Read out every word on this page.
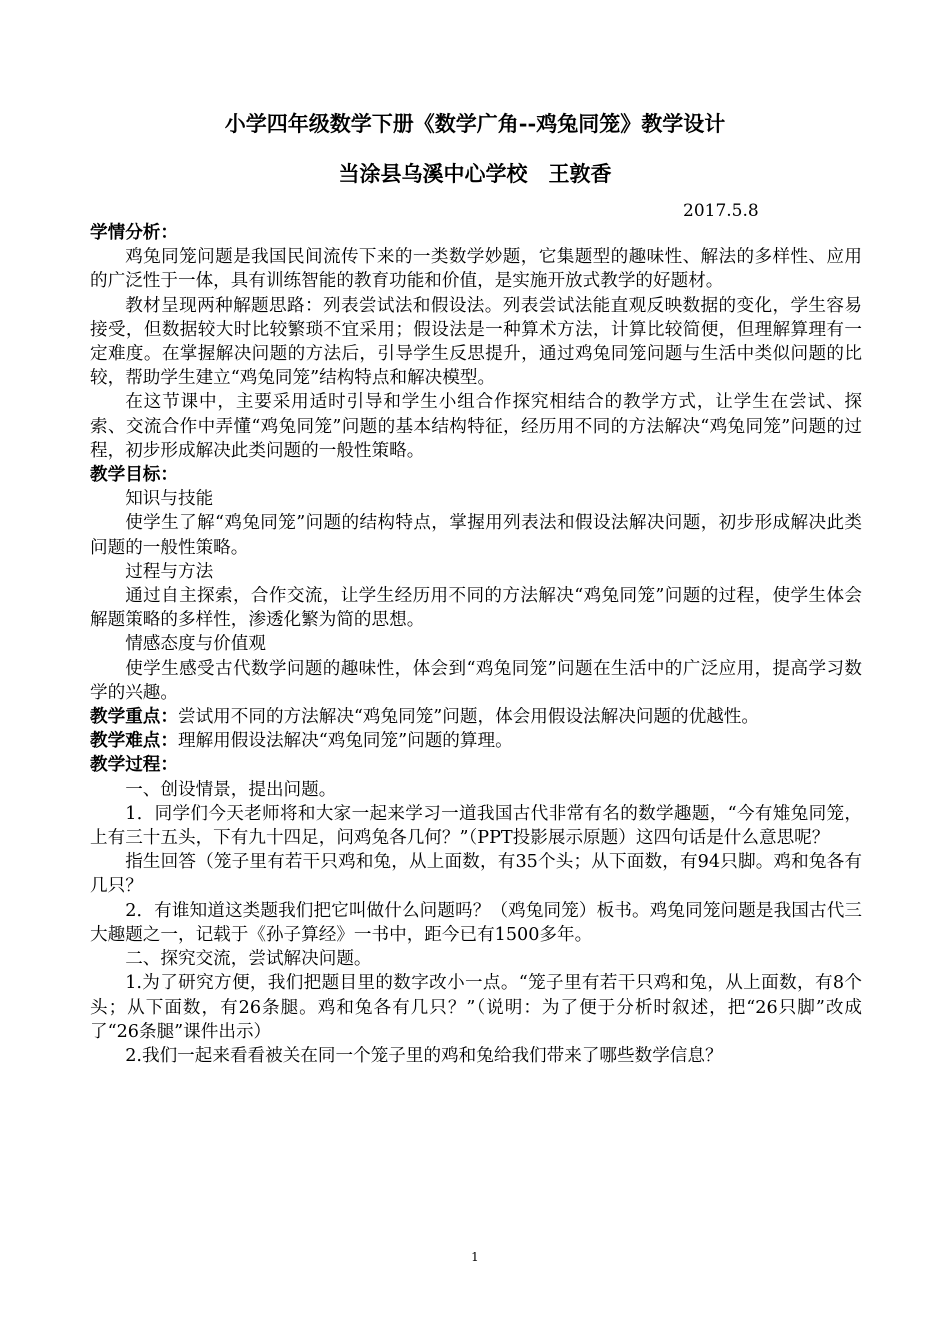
小学四年级数学下册《数学广角--鸡兔同笼》教学设计
当涂县乌溪中心学校　王敦香
2017.5.8
学情分析：

鸡兔同笼问题是我国民间流传下来的一类数学妙题，它集题型的趣味性、解法的多样性、应用的广泛性于一体，具有训练智能的教育功能和价值，是实施开放式教学的好题材。

教材呈现两种解题思路：列表尝试法和假设法。列表尝试法能直观反映数据的变化，学生容易接受，但数据较大时比较繁琐不宜采用；假设法是一种算术方法，计算比较简便，但理解算理有一定难度。在掌握解决问题的方法后，引导学生反思提升，通过鸡兔同笼问题与生活中类似问题的比较，帮助学生建立“鸡兔同笼”结构特点和解决模型。

在这节课中，主要采用适时引导和学生小组合作探究相结合的教学方式，让学生在尝试、探索、交流合作中弄懂“鸡兔同笼”问题的基本结构特征，经历用不同的方法解决“鸡兔同笼”问题的过程，初步形成解决此类问题的一般性策略。

教学目标：

知识与技能

使学生了解“鸡兔同笼”问题的结构特点，掌握用列表法和假设法解决问题，初步形成解决此类问题的一般性策略。

过程与方法

通过自主探索，合作交流，让学生经历用不同的方法解决“鸡兔同笼”问题的过程，使学生体会解题策略的多样性，渗透化繁为简的思想。

情感态度与价值观

使学生感受古代数学问题的趣味性，体会到“鸡兔同笼”问题在生活中的广泛应用，提高学习数学的兴趣。

教学重点：尝试用不同的方法解决“鸡兔同笼”问题，体会用假设法解决问题的优越性。
教学难点：理解用假设法解决“鸡兔同笼”问题的算理。
教学过程：

一、创设情景，提出问题。

1．同学们今天老师将和大家一起来学习一道我国古代非常有名的数学趣题，“今有雉兔同笼，上有三十五头，下有九十四足，问鸡兔各几何？”（PPT投影展示原题）这四句话是什么意思呢？

指生回答（笼子里有若干只鸡和兔，从上面数，有35个头；从下面数，有94只脚。鸡和兔各有几只？

2．有谁知道这类题我们把它叫做什么问题吗？（鸡兔同笼）板书。鸡兔同笼问题是我国古代三大趣题之一，记载于《孙子算经》一书中，距今已有1500多年。

二、探究交流，尝试解决问题。

1.为了研究方便，我们把题目里的数字改小一点。“笼子里有若干只鸡和兔，从上面数，有8个头；从下面数，有26条腿。鸡和兔各有几只？”（说明：为了便于分析时叙述，把“26只脚”改成了“26条腿”课件出示）

2.我们一起来看看被关在同一个笼子里的鸡和兔给我们带来了哪些数学信息？

1
